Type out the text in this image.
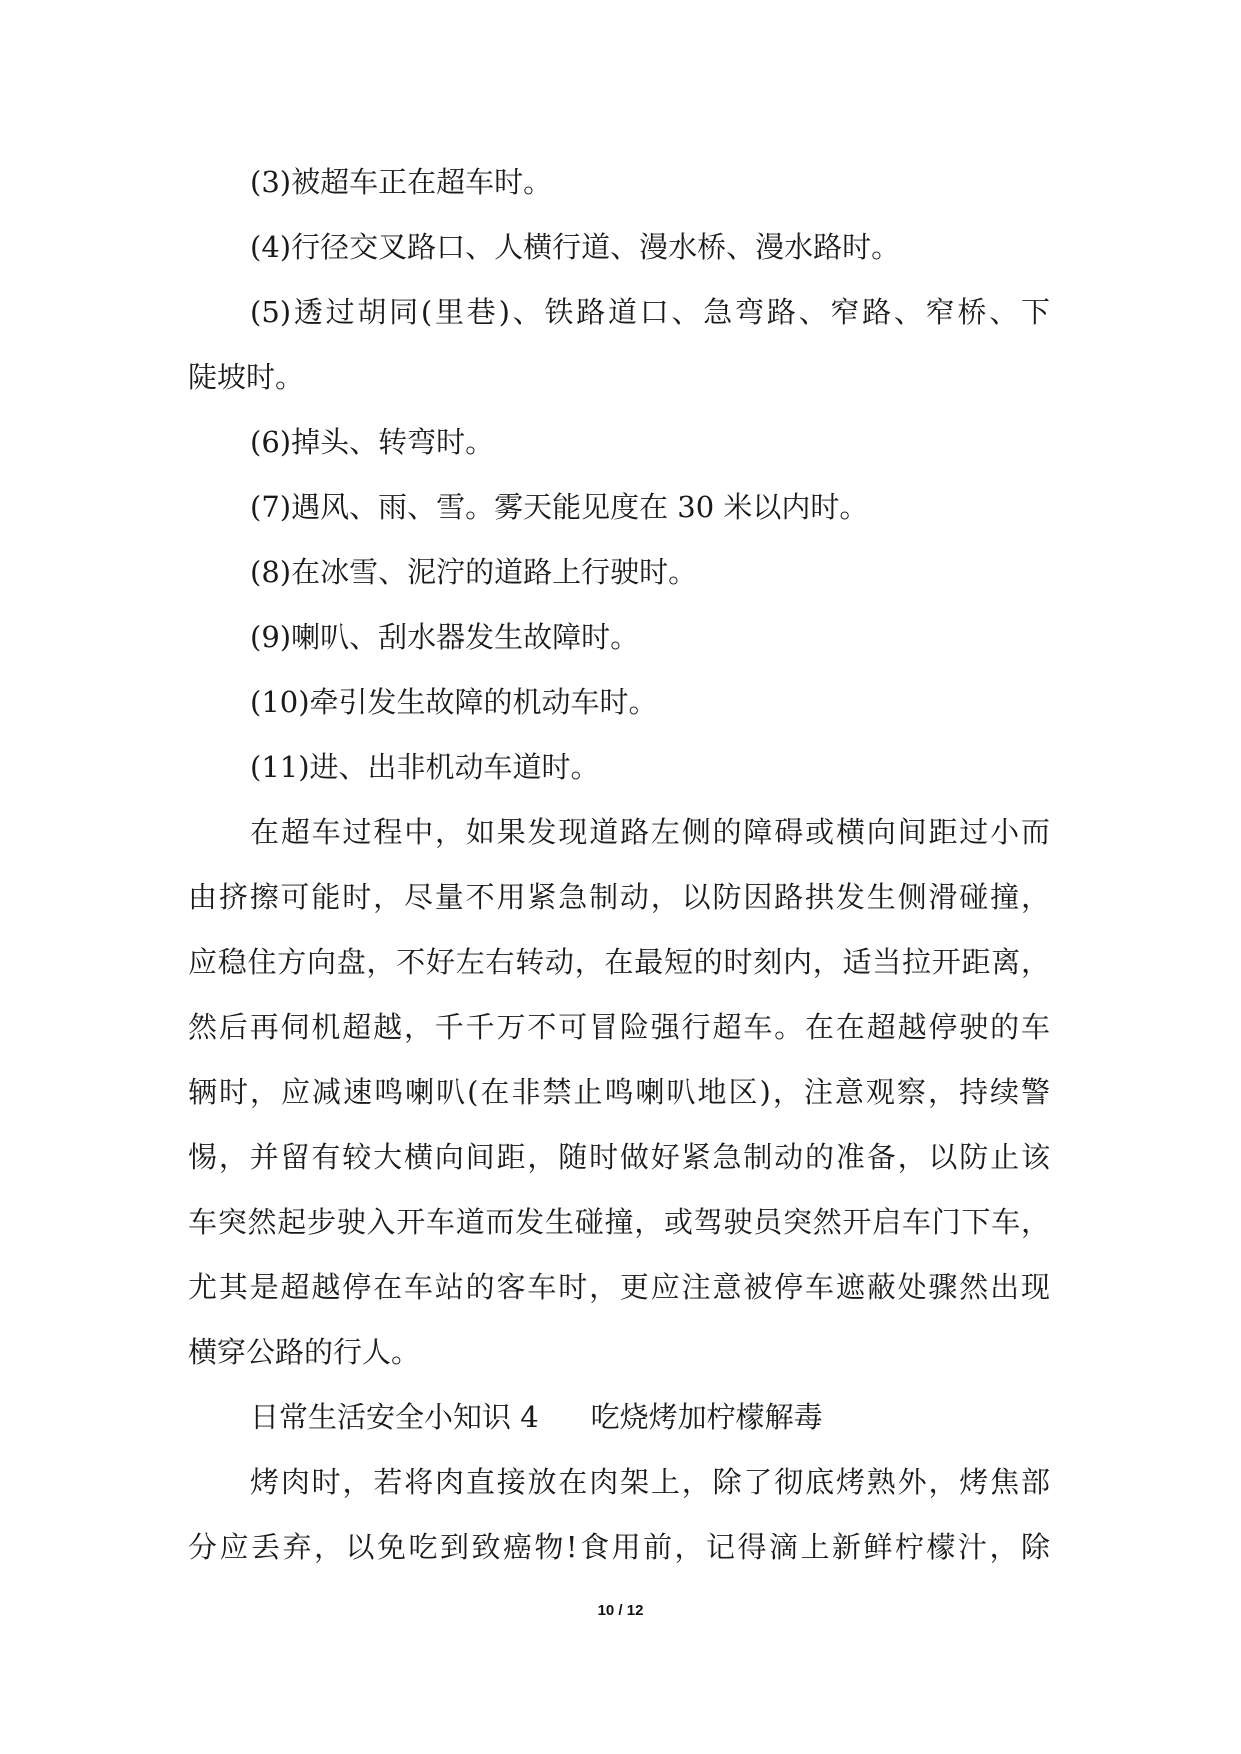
(3)被超车正在超车时。
(4)行径交叉路口、人横行道、漫水桥、漫水路时。
(5)透过胡同(里巷)、铁路道口、急弯路、窄路、窄桥、下
陡坡时。
(6)掉头、转弯时。
(7)遇风、雨、雪。雾天能见度在 30 米以内时。
(8)在冰雪、泥泞的道路上行驶时。
(9)喇叭、刮水器发生故障时。
(10)牵引发生故障的机动车时。
(11)进、出非机动车道时。
在超车过程中，如果发现道路左侧的障碍或横向间距过小而
由挤擦可能时，尽量不用紧急制动，以防因路拱发生侧滑碰撞，
应稳住方向盘，不好左右转动，在最短的时刻内，适当拉开距离，
然后再伺机超越，千千万不可冒险强行超车。在在超越停驶的车
辆时，应减速鸣喇叭(在非禁止鸣喇叭地区)，注意观察，持续警
惕，并留有较大横向间距，随时做好紧急制动的准备，以防止该
车突然起步驶入开车道而发生碰撞，或驾驶员突然开启车门下车，
尤其是超越停在车站的客车时，更应注意被停车遮蔽处骤然出现
横穿公路的行人。
日常生活安全小知识 4 吃烧烤加柠檬解毒
烤肉时，若将肉直接放在肉架上，除了彻底烤熟外，烤焦部
分应丢弃，以免吃到致癌物!食用前，记得滴上新鲜柠檬汁，除
10 / 12
